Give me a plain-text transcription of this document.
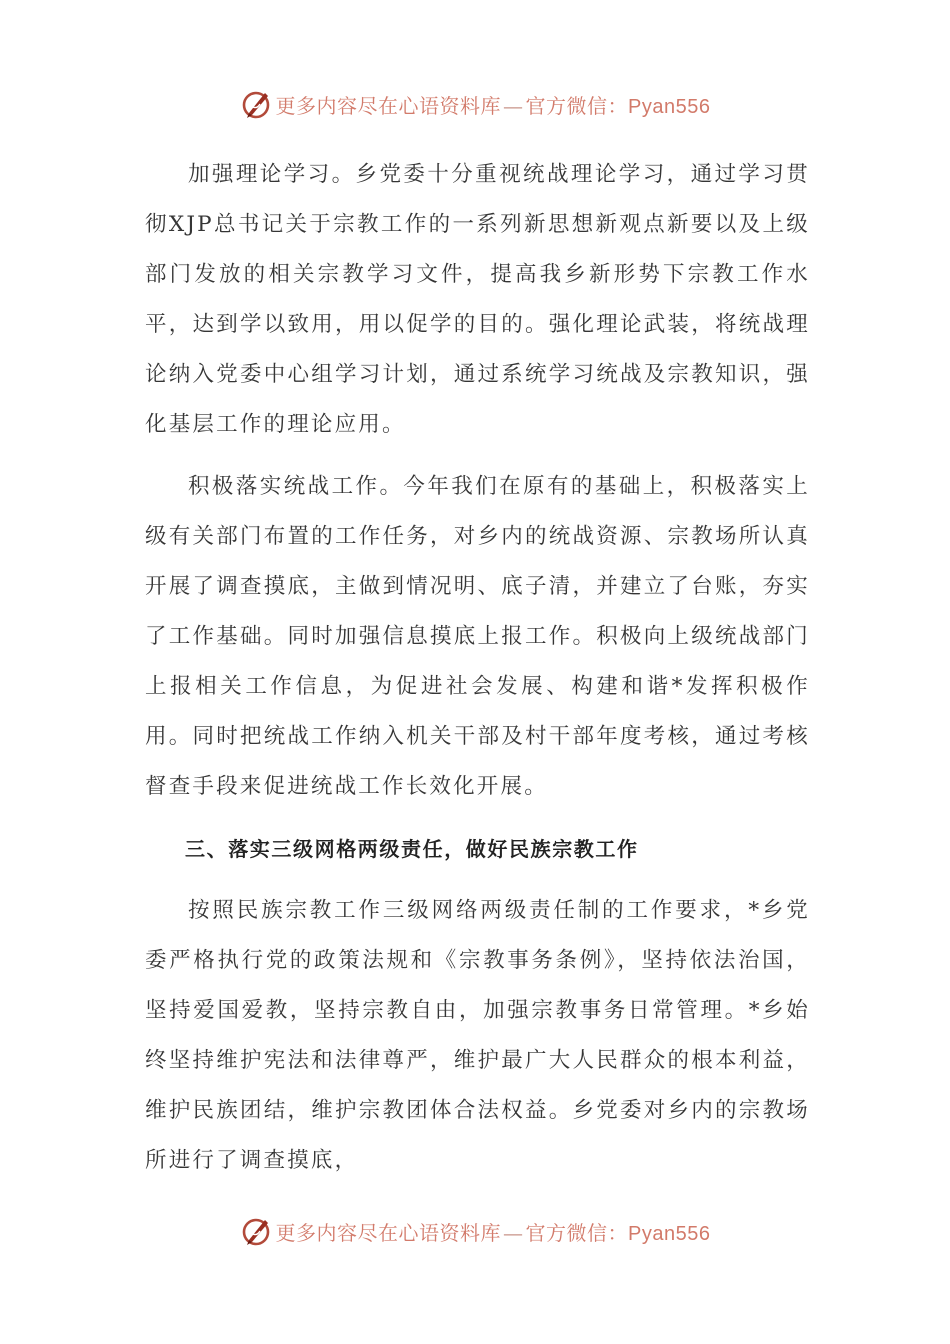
更多内容尽在心语资料库 — 官方微信：Pyan556

加强理论学习。乡党委十分重视统战理论学习，通过学习贯彻XJP总书记关于宗教工作的一系列新思想新观点新要以及上级部门发放的相关宗教学习文件，提高我乡新形势下宗教工作水平，达到学以致用，用以促学的目的。强化理论武装，将统战理论纳入党委中心组学习计划，通过系统学习统战及宗教知识，强化基层工作的理论应用。

积极落实统战工作。今年我们在原有的基础上，积极落实上级有关部门布置的工作任务，对乡内的统战资源、宗教场所认真开展了调查摸底，主做到情况明、底子清，并建立了台账，夯实了工作基础。同时加强信息摸底上报工作。积极向上级统战部门上报相关工作信息，为促进社会发展、构建和谐*发挥积极作用。同时把统战工作纳入机关干部及村干部年度考核，通过考核督查手段来促进统战工作长效化开展。

三、落实三级网格两级责任，做好民族宗教工作

按照民族宗教工作三级网络两级责任制的工作要求，*乡党委严格执行党的政策法规和《宗教事务条例》，坚持依法治国，坚持爱国爱教，坚持宗教自由，加强宗教事务日常管理。*乡始终坚持维护宪法和法律尊严，维护最广大人民群众的根本利益，维护民族团结，维护宗教团体合法权益。乡党委对乡内的宗教场所进行了调查摸底，

更多内容尽在心语资料库 — 官方微信：Pyan556
